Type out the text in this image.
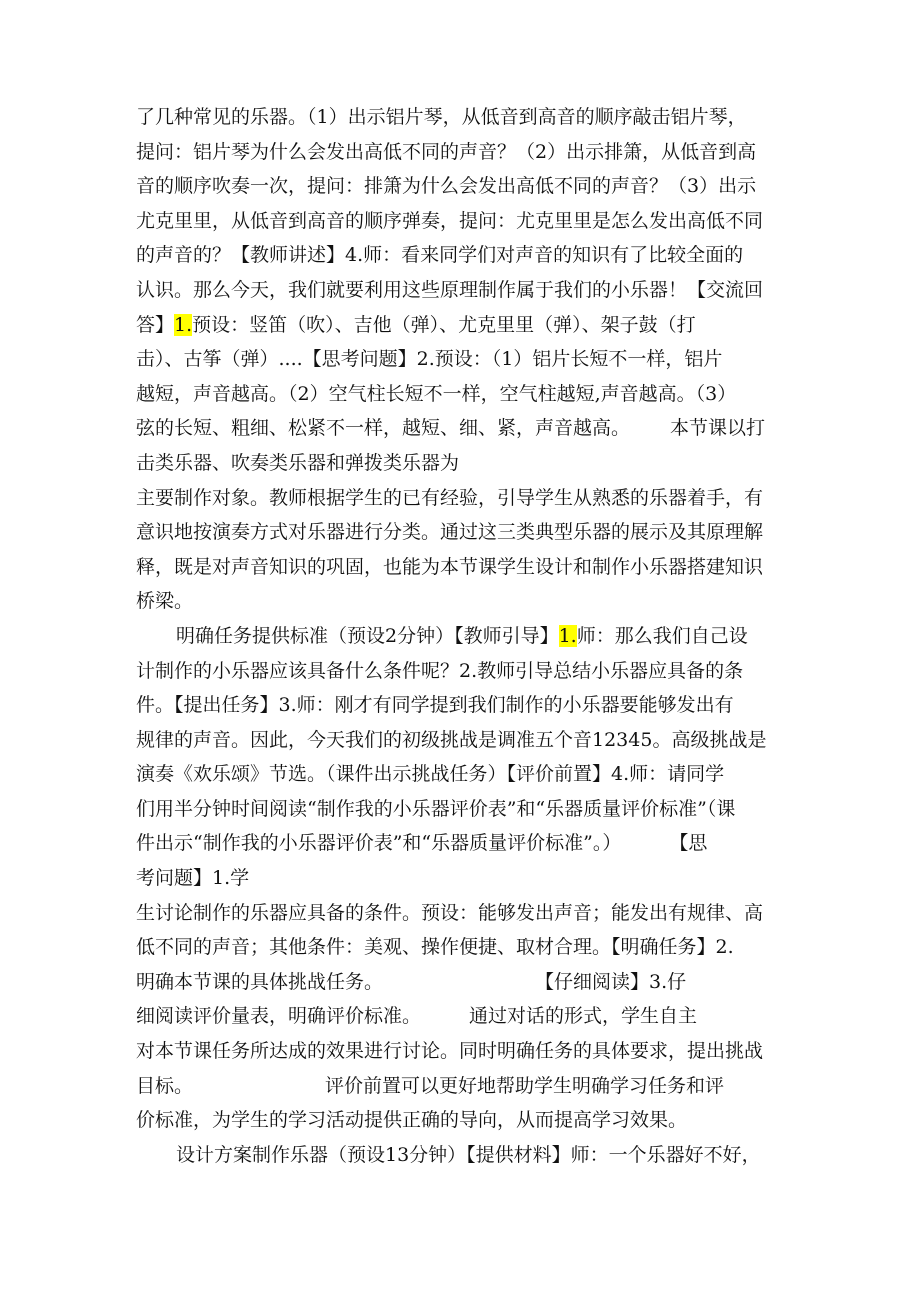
了几种常见的乐器。（1）出示铝片琴，从低音到高音的顺序敲击铝片琴，
提问：铝片琴为什么会发出高低不同的声音？（2）出示排箫，从低音到高
音的顺序吹奏一次，提问：排箫为什么会发出高低不同的声音？（3）出示
尤克里里，从低音到高音的顺序弹奏，提问：尤克里里是怎么发出高低不同
的声音的？【教师讲述】4.师：看来同学们对声音的知识有了比较全面的
认识。那么今天，我们就要利用这些原理制作属于我们的小乐器！【交流回
答】1.预设：竖笛（吹）、吉他（弹）、尤克里里（弹）、架子鼓（打
击）、古筝（弹）....【思考问题】2.预设：（1）铝片长短不一样，铝片
越短，声音越高。（2）空气柱长短不一样，空气柱越短,声音越高。（3）
弦的长短、粗细、松紧不一样，越短、细、紧，声音越高。 本节课以打
击类乐器、吹奏类乐器和弹拨类乐器为
主要制作对象。教师根据学生的已有经验，引导学生从熟悉的乐器着手，有
意识地按演奏方式对乐器进行分类。通过这三类典型乐器的展示及其原理解
释，既是对声音知识的巩固，也能为本节课学生设计和制作小乐器搭建知识
桥梁。
明确任务提供标准（预设2分钟）【教师引导】1.师：那么我们自己设
计制作的小乐器应该具备什么条件呢？2.教师引导总结小乐器应具备的条
件。【提出任务】3.师：刚才有同学提到我们制作的小乐器要能够发出有
规律的声音。因此，今天我们的初级挑战是调准五个音12345。高级挑战是
演奏《欢乐颂》节选。（课件出示挑战任务）【评价前置】4.师：请同学
们用半分钟时间阅读“制作我的小乐器评价表”和“乐器质量评价标准”（课
件出示“制作我的小乐器评价表”和“乐器质量评价标准”。）	【思
考问题】1.学
生讨论制作的乐器应具备的条件。预设：能够发出声音；能发出有规律、高
低不同的声音；其他条件：美观、操作便捷、取材合理。【明确任务】2.
明确本节课的具体挑战任务。	【仔细阅读】3.仔
细阅读评价量表，明确评价标准。	通过对话的形式，学生自主
对本节课任务所达成的效果进行讨论。同时明确任务的具体要求，提出挑战
目标。	评价前置可以更好地帮助学生明确学习任务和评
价标准，为学生的学习活动提供正确的导向，从而提高学习效果。
设计方案制作乐器（预设13分钟）【提供材料】师：一个乐器好不好，
